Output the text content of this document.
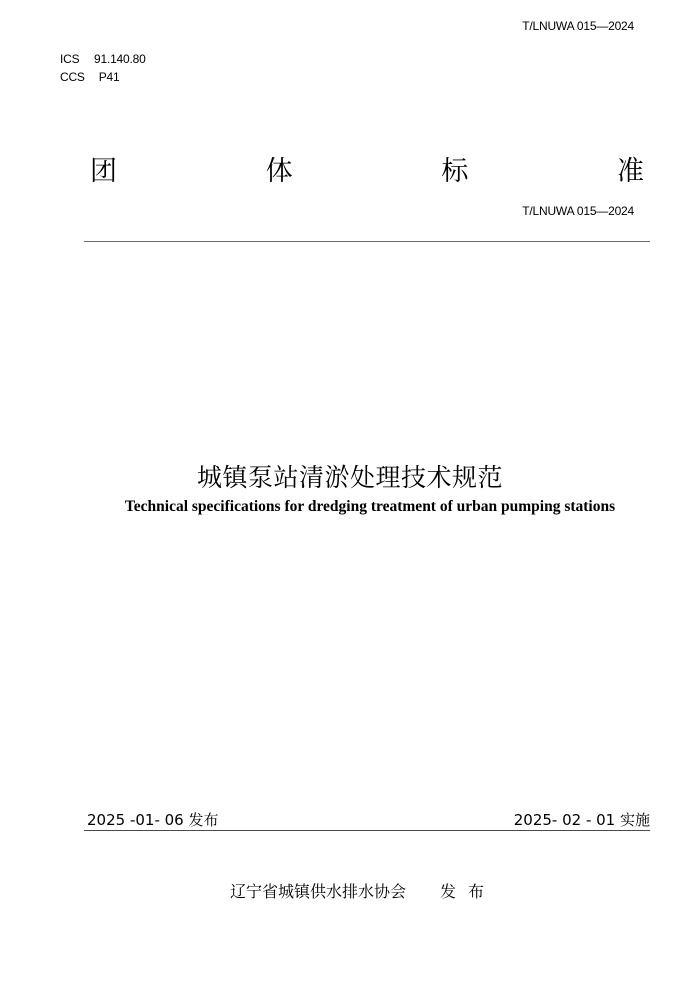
T/LNUWA 015—2024
ICS 91.140.80
CCS P41
团	体	标	准
T/LNUWA 015—2024
城镇泵站清淤处理技术规范
Technical specifications for dredging treatment of urban pumping stations
2025 -01- 06 发布	2025- 02 - 01 实施
辽宁省城镇供水排水协会 发布
